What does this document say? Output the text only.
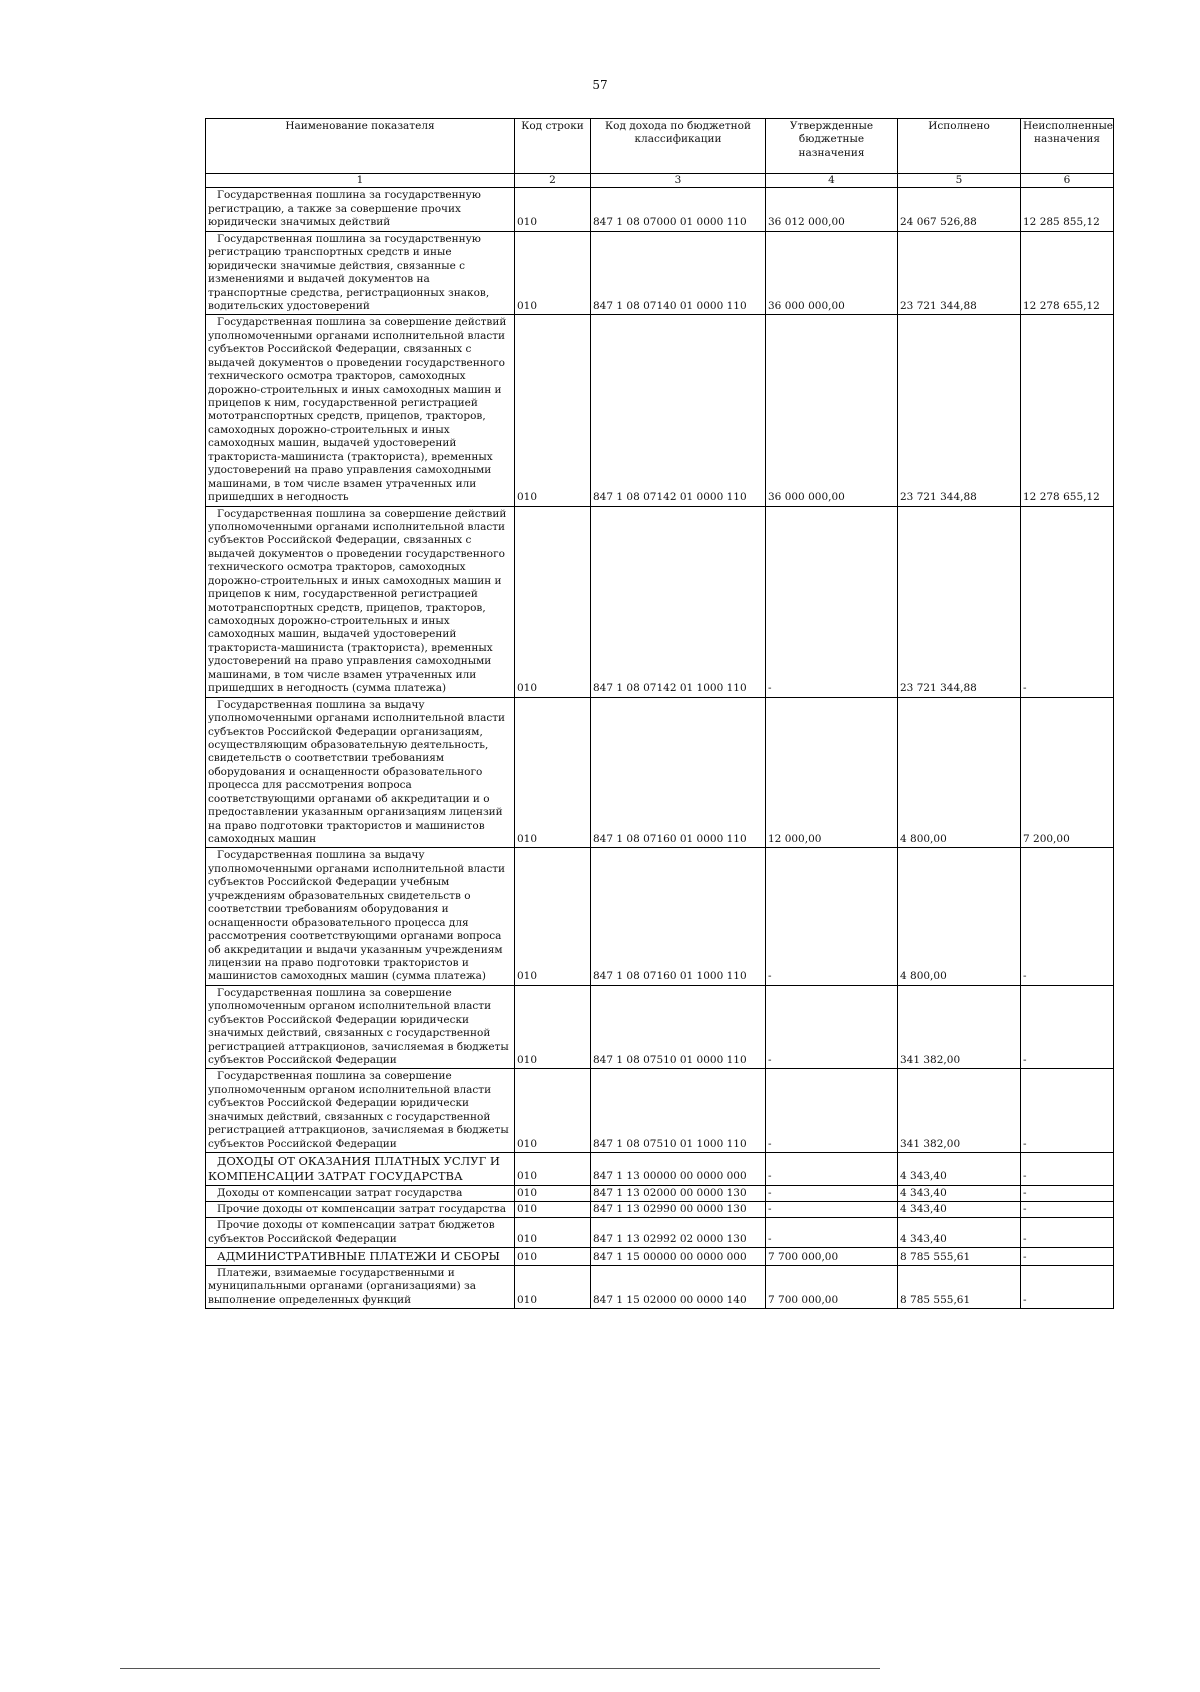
57
Наименование показателя	Код строки	Код дохода по бюджетной классификации	Утвержденные бюджетные назначения	Исполнено	Неисполненные назначения
1	2	3	4	5	6
Государственная пошлина за государственную регистрацию, а также за совершение прочих юридически значимых действий	010	847 1 08 07000 01 0000 110	36 012 000,00	24 067 526,88	12 285 855,12
Государственная пошлина за государственную регистрацию транспортных средств и иные юридически значимые действия, связанные с изменениями и выдачей документов на транспортные средства, регистрационных знаков, водительских удостоверений	010	847 1 08 07140 01 0000 110	36 000 000,00	23 721 344,88	12 278 655,12
Государственная пошлина за совершение действий уполномоченными органами исполнительной власти субъектов Российской Федерации, связанных с выдачей документов о проведении государственного технического осмотра тракторов, самоходных дорожно-строительных и иных самоходных машин и прицепов к ним, государственной регистрацией мототранспортных средств, прицепов, тракторов, самоходных дорожно-строительных и иных самоходных машин, выдачей удостоверений тракториста-машиниста (тракториста), временных удостоверений на право управления самоходными машинами, в том числе взамен утраченных или пришедших в негодность	010	847 1 08 07142 01 0000 110	36 000 000,00	23 721 344,88	12 278 655,12
Государственная пошлина за совершение действий уполномоченными органами исполнительной власти субъектов Российской Федерации, связанных с выдачей документов о проведении государственного технического осмотра тракторов, самоходных дорожно-строительных и иных самоходных машин и прицепов к ним, государственной регистрацией мототранспортных средств, прицепов, тракторов, самоходных дорожно-строительных и иных самоходных машин, выдачей удостоверений тракториста-машиниста (тракториста), временных удостоверений на право управления самоходными машинами, в том числе взамен утраченных или пришедших в негодность (сумма платежа)	010	847 1 08 07142 01 1000 110	-	23 721 344,88	-
Государственная пошлина за выдачу уполномоченными органами исполнительной власти субъектов Российской Федерации организациям, осуществляющим образовательную деятельность, свидетельств о соответствии требованиям оборудования и оснащенности образовательного процесса для рассмотрения вопроса соответствующими органами об аккредитации и о предоставлении указанным организациям лицензий на право подготовки трактористов и машинистов самоходных машин	010	847 1 08 07160 01 0000 110	12 000,00	4 800,00	7 200,00
Государственная пошлина за выдачу уполномоченными органами исполнительной власти субъектов Российской Федерации учебным учреждениям образовательных свидетельств о соответствии требованиям оборудования и оснащенности образовательного процесса для рассмотрения соответствующими органами вопроса об аккредитации и выдачи указанным учреждениям лицензии на право подготовки трактористов и машинистов самоходных машин (сумма платежа)	010	847 1 08 07160 01 1000 110	-	4 800,00	-
Государственная пошлина за совершение уполномоченным органом исполнительной власти субъектов Российской Федерации юридически значимых действий, связанных с государственной регистрацией аттракционов, зачисляемая в бюджеты субъектов Российской Федерации	010	847 1 08 07510 01 0000 110	-	341 382,00	-
Государственная пошлина за совершение уполномоченным органом исполнительной власти субъектов Российской Федерации юридически значимых действий, связанных с государственной регистрацией аттракционов, зачисляемая в бюджеты субъектов Российской Федерации	010	847 1 08 07510 01 1000 110	-	341 382,00	-
ДОХОДЫ ОТ ОКАЗАНИЯ ПЛАТНЫХ УСЛУГ И КОМПЕНСАЦИИ ЗАТРАТ ГОСУДАРСТВА	010	847 1 13 00000 00 0000 000	-	4 343,40	-
Доходы от компенсации затрат государства	010	847 1 13 02000 00 0000 130	-	4 343,40	-
Прочие доходы от компенсации затрат государства	010	847 1 13 02990 00 0000 130	-	4 343,40	-
Прочие доходы от компенсации затрат бюджетов субъектов Российской Федерации	010	847 1 13 02992 02 0000 130	-	4 343,40	-
АДМИНИСТРАТИВНЫЕ ПЛАТЕЖИ И СБОРЫ	010	847 1 15 00000 00 0000 000	7 700 000,00	8 785 555,61	-
Платежи, взимаемые государственными и муниципальными органами (организациями) за выполнение определенных функций	010	847 1 15 02000 00 0000 140	7 700 000,00	8 785 555,61	-
